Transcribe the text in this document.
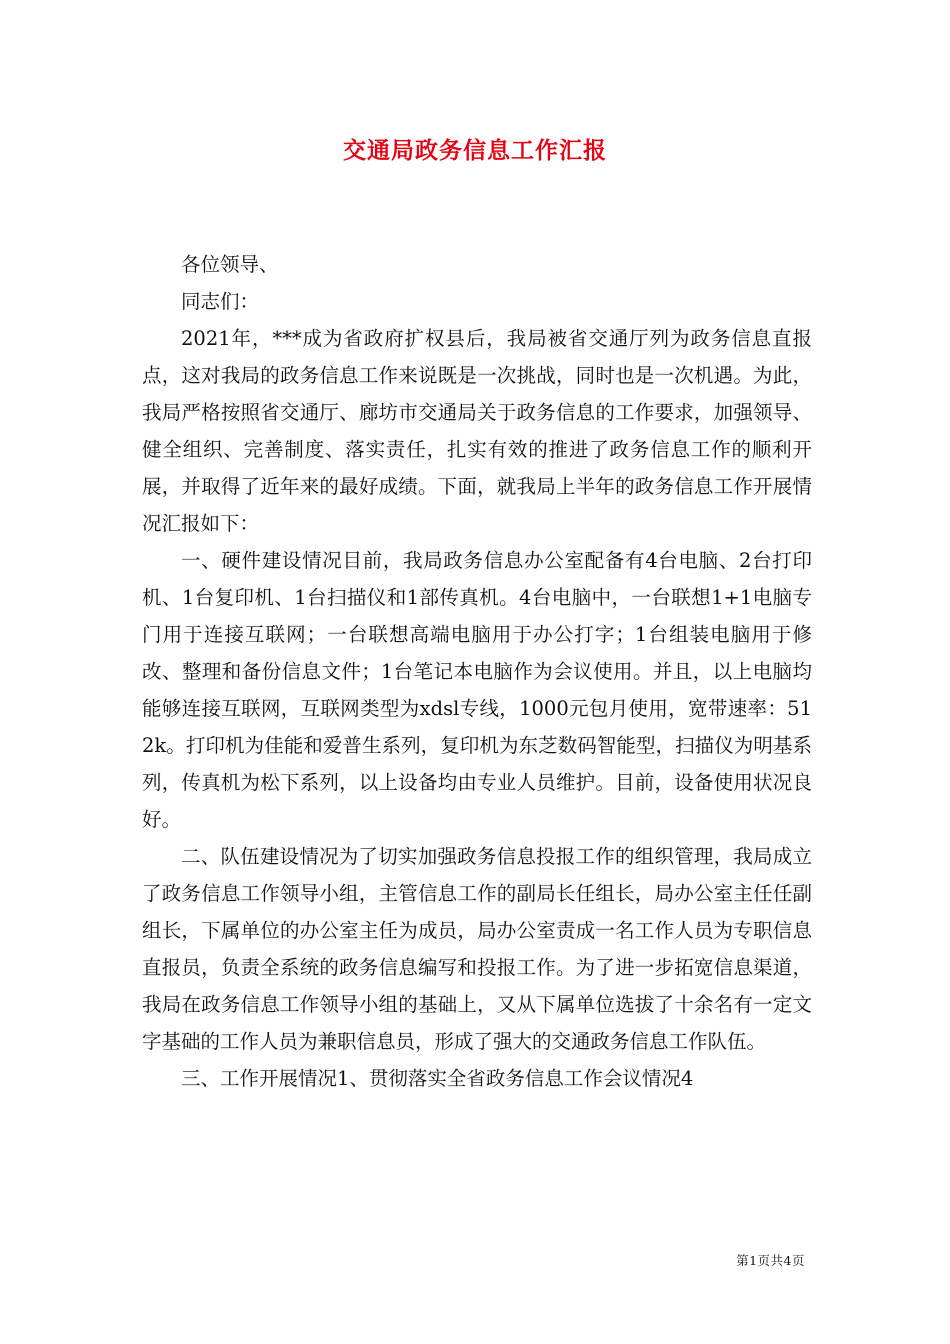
交通局政务信息工作汇报

各位领导、

同志们：

2021年，***成为省政府扩权县后，我局被省交通厅列为政务信息直报点，这对我局的政务信息工作来说既是一次挑战，同时也是一次机遇。为此，我局严格按照省交通厅、廊坊市交通局关于政务信息的工作要求，加强领导、健全组织、完善制度、落实责任，扎实有效的推进了政务信息工作的顺利开展，并取得了近年来的最好成绩。下面，就我局上半年的政务信息工作开展情况汇报如下：

一、硬件建设情况目前，我局政务信息办公室配备有4台电脑、2台打印机、1台复印机、1台扫描仪和1部传真机。4台电脑中，一台联想1+1电脑专门用于连接互联网；一台联想高端电脑用于办公打字；1台组装电脑用于修改、整理和备份信息文件；1台笔记本电脑作为会议使用。并且，以上电脑均能够连接互联网，互联网类型为xdsl专线，1000元包月使用，宽带速率：512k。打印机为佳能和爱普生系列，复印机为东芝数码智能型，扫描仪为明基系列，传真机为松下系列，以上设备均由专业人员维护。目前，设备使用状况良好。

二、队伍建设情况为了切实加强政务信息投报工作的组织管理，我局成立了政务信息工作领导小组，主管信息工作的副局长任组长，局办公室主任任副组长，下属单位的办公室主任为成员，局办公室责成一名工作人员为专职信息直报员，负责全系统的政务信息编写和投报工作。为了进一步拓宽信息渠道，我局在政务信息工作领导小组的基础上，又从下属单位选拔了十余名有一定文字基础的工作人员为兼职信息员，形成了强大的交通政务信息工作队伍。

三、工作开展情况1、贯彻落实全省政务信息工作会议情况4

第1页共4页
